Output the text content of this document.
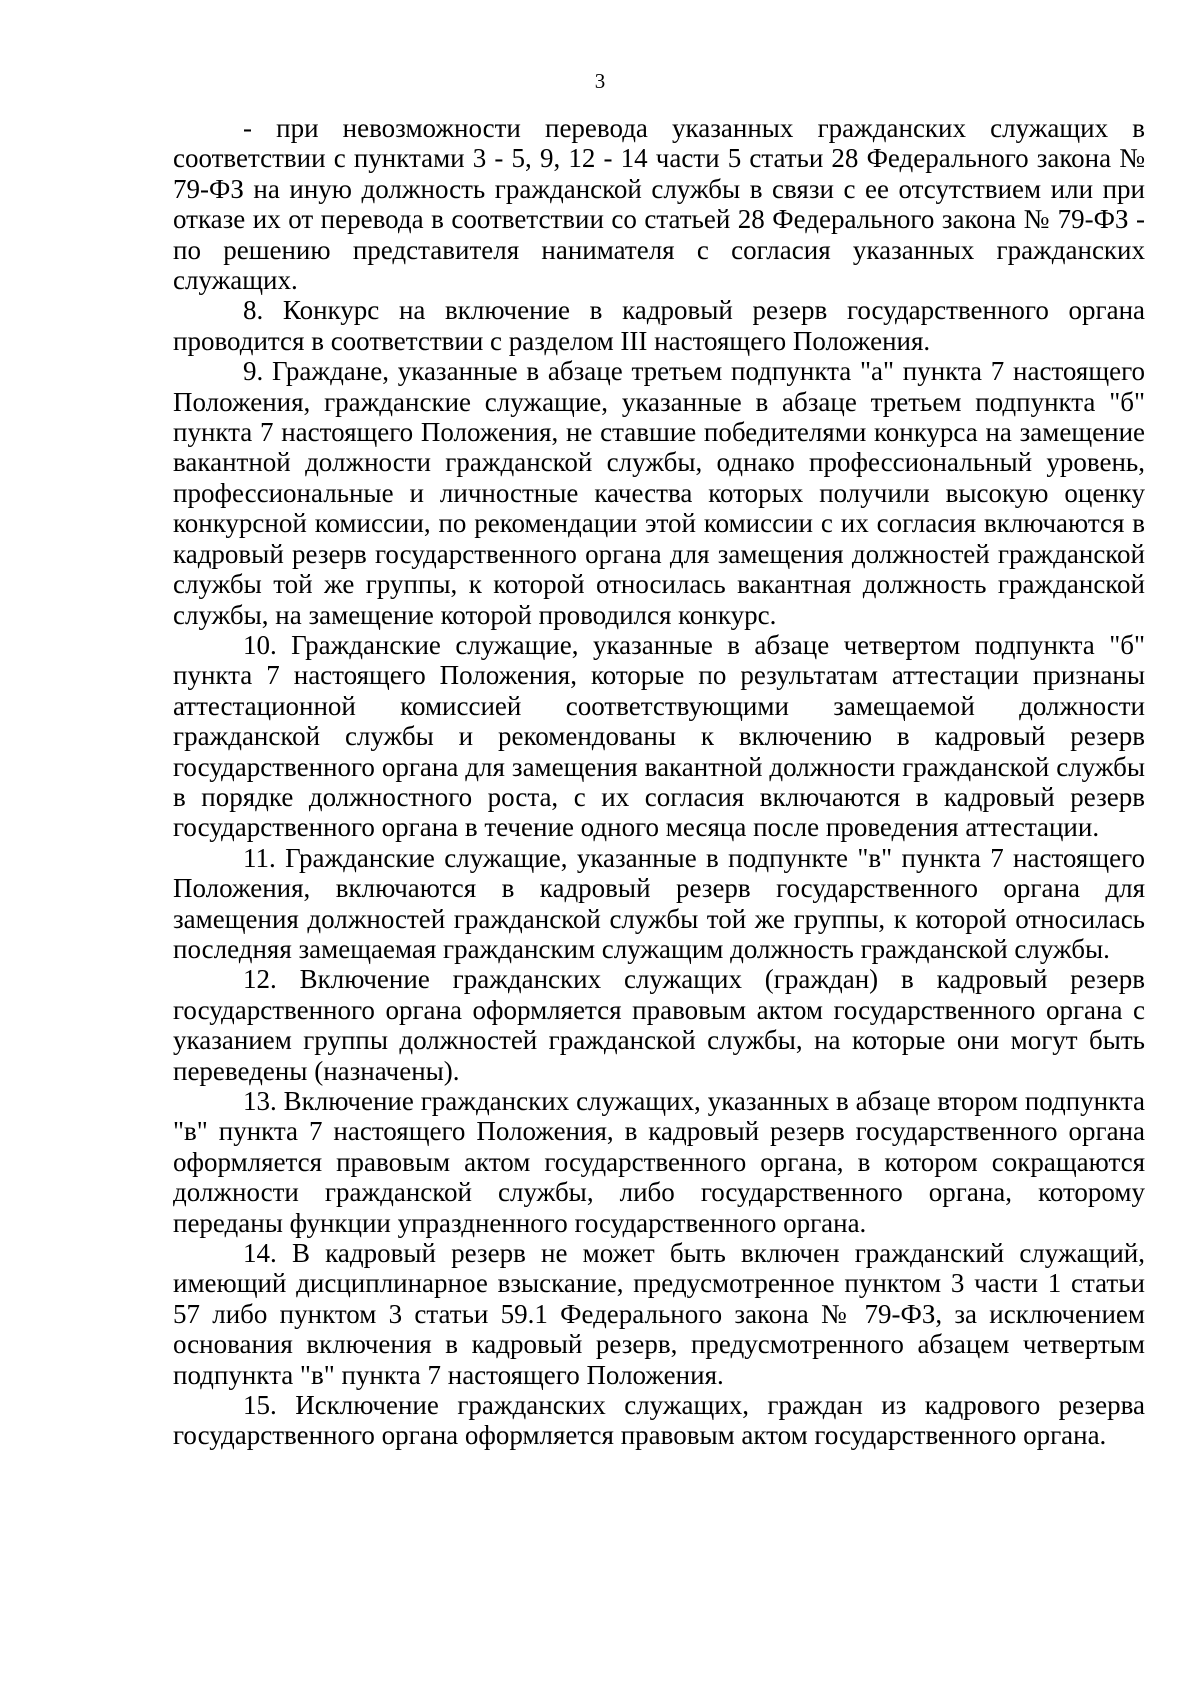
3

- при невозможности перевода указанных гражданских служащих в соответствии с пунктами 3 - 5, 9, 12 - 14 части 5 статьи 28 Федерального закона № 79-ФЗ на иную должность гражданской службы в связи с ее отсутствием или при отказе их от перевода в соответствии со статьей 28 Федерального закона № 79-ФЗ - по решению представителя нанимателя с согласия указанных гражданских служащих.

8. Конкурс на включение в кадровый резерв государственного органа проводится в соответствии с разделом III настоящего Положения.

9. Граждане, указанные в абзаце третьем подпункта "а" пункта 7 настоящего Положения, гражданские служащие, указанные в абзаце третьем подпункта "б" пункта 7 настоящего Положения, не ставшие победителями конкурса на замещение вакантной должности гражданской службы, однако профессиональный уровень, профессиональные и личностные качества которых получили высокую оценку конкурсной комиссии, по рекомендации этой комиссии с их согласия включаются в кадровый резерв государственного органа для замещения должностей гражданской службы той же группы, к которой относилась вакантная должность гражданской службы, на замещение которой проводился конкурс.

10. Гражданские служащие, указанные в абзаце четвертом подпункта "б" пункта 7 настоящего Положения, которые по результатам аттестации признаны аттестационной комиссией соответствующими замещаемой должности гражданской службы и рекомендованы к включению в кадровый резерв государственного органа для замещения вакантной должности гражданской службы в порядке должностного роста, с их согласия включаются в кадровый резерв государственного органа в течение одного месяца после проведения аттестации.

11. Гражданские служащие, указанные в подпункте "в" пункта 7 настоящего Положения, включаются в кадровый резерв государственного органа для замещения должностей гражданской службы той же группы, к которой относилась последняя замещаемая гражданским служащим должность гражданской службы.

12. Включение гражданских служащих (граждан) в кадровый резерв государственного органа оформляется правовым актом государственного органа с указанием группы должностей гражданской службы, на которые они могут быть переведены (назначены).

13. Включение гражданских служащих, указанных в абзаце втором подпункта "в" пункта 7 настоящего Положения, в кадровый резерв государственного органа оформляется правовым актом государственного органа, в котором сокращаются должности гражданской службы, либо государственного органа, которому переданы функции упраздненного государственного органа.

14. В кадровый резерв не может быть включен гражданский служащий, имеющий дисциплинарное взыскание, предусмотренное пунктом 3 части 1 статьи 57 либо пунктом 3 статьи 59.1 Федерального закона № 79-ФЗ, за исключением основания включения в кадровый резерв, предусмотренного абзацем четвертым подпункта "в" пункта 7 настоящего Положения.

15. Исключение гражданских служащих, граждан из кадрового резерва государственного органа оформляется правовым актом государственного органа.
